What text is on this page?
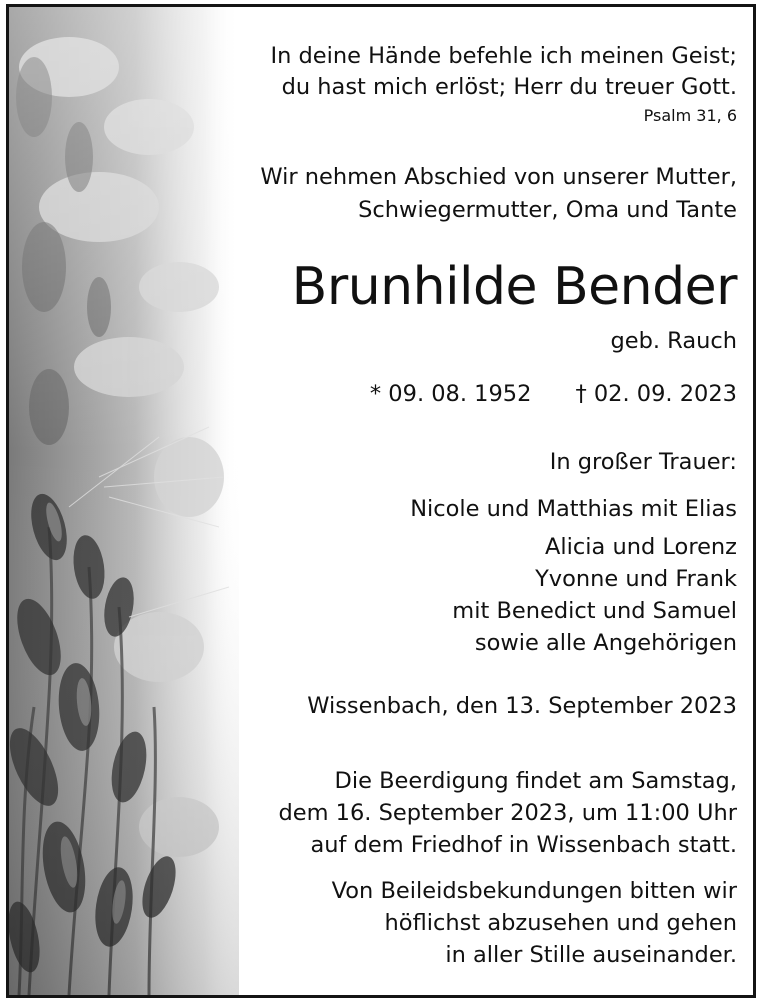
In deine Hände befehle ich meinen Geist;
du hast mich erlöst; Herr du treuer Gott.
Psalm 31, 6
Wir nehmen Abschied von unserer Mutter,
Schwiegermutter, Oma und Tante
Brunhilde Bender
geb. Rauch
* 09. 08. 1952 † 02. 09. 2023
In großer Trauer:
Nicole und Matthias mit Elias
Alicia und Lorenz
Yvonne und Frank
mit Benedict und Samuel
sowie alle Angehörigen
Wissenbach, den 13. September 2023
Die Beerdigung findet am Samstag,
dem 16. September 2023, um 11:00 Uhr
auf dem Friedhof in Wissenbach statt.
Von Beileidsbekundungen bitten wir
höflichst abzusehen und gehen
in aller Stille auseinander.
